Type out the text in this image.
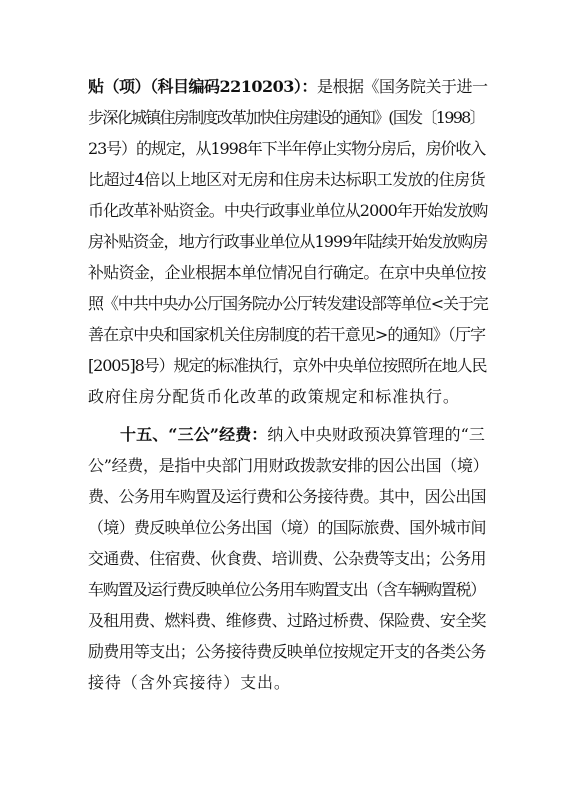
贴（项）（科目编码2210203）：是根据《国务院关于进一
步深化城镇住房制度改革加快住房建设的通知》(国发〔1998〕
23号）的规定，从1998年下半年停止实物分房后，房价收入
比超过4倍以上地区对无房和住房未达标职工发放的住房货
币化改革补贴资金。中央行政事业单位从2000年开始发放购
房补贴资金，地方行政事业单位从1999年陆续开始发放购房
补贴资金，企业根据本单位情况自行确定。在京中央单位按
照《中共中央办公厅国务院办公厅转发建设部等单位<关于完
善在京中央和国家机关住房制度的若干意见>的通知》（厅字
[2005]8号）规定的标准执行，京外中央单位按照所在地人民
政府住房分配货币化改革的政策规定和标准执行。
十五、“三公”经费：纳入中央财政预决算管理的“三
公”经费，是指中央部门用财政拨款安排的因公出国（境）
费、公务用车购置及运行费和公务接待费。其中，因公出国
（境）费反映单位公务出国（境）的国际旅费、国外城市间
交通费、住宿费、伙食费、培训费、公杂费等支出；公务用
车购置及运行费反映单位公务用车购置支出（含车辆购置税）
及租用费、燃料费、维修费、过路过桥费、保险费、安全奖
励费用等支出；公务接待费反映单位按规定开支的各类公务
接待（含外宾接待）支出。
